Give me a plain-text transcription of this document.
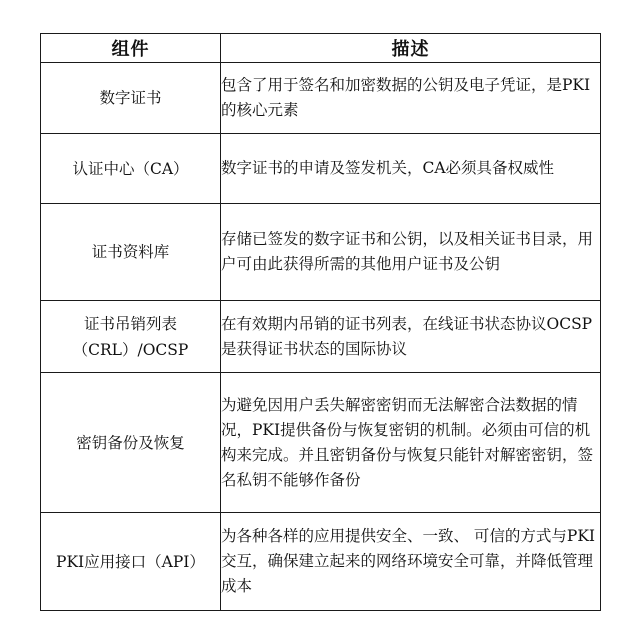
组件	描述
数字证书	包含了用于签名和加密数据的公钥及电子凭证，是PKI的核心元素
认证中心（CA）	数字证书的申请及签发机关，CA必须具备权威性
证书资料库	存储已签发的数字证书和公钥，以及相关证书目录，用户可由此获得所需的其他用户证书及公钥
证书吊销列表（CRL）/OCSP	在有效期内吊销的证书列表，在线证书状态协议OCSP是获得证书状态的国际协议
密钥备份及恢复	为避免因用户丢失解密密钥而无法解密合法数据的情况，PKI提供备份与恢复密钥的机制。必须由可信的机构来完成。并且密钥备份与恢复只能针对解密密钥，签名私钥不能够作备份
PKI应用接口（API）	为各种各样的应用提供安全、一致、 可信的方式与PKI交互，确保建立起来的网络环境安全可靠，并降低管理成本
